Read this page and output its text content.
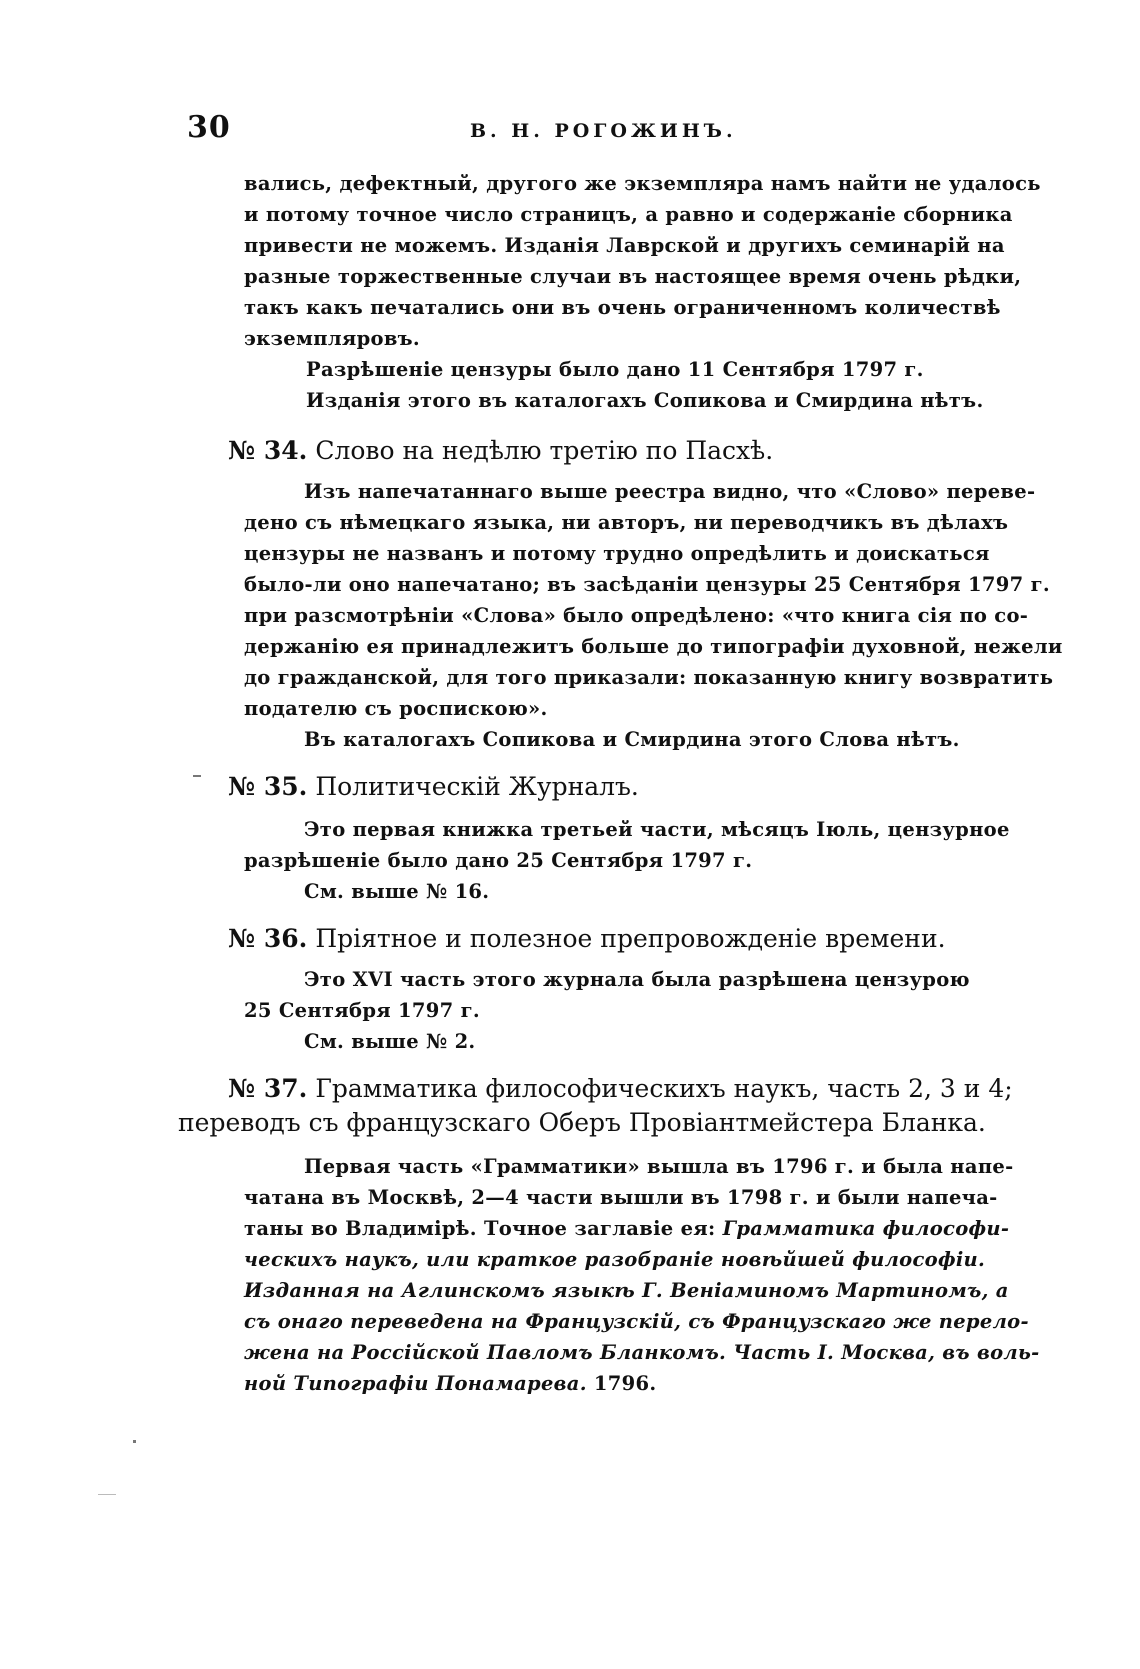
30	В. Н. РОГОЖИНЪ.
вались, дефектный, другого же экземпляра намъ найти не удалось
и потому точное число страницъ, а равно и содержаніе сборника
привести не можемъ. Изданія Лаврской и другихъ семинарій на
разные торжественные случаи въ настоящее время очень рѣдки,
такъ какъ печатались они въ очень ограниченномъ количествѣ
экземпляровъ.
Разрѣшеніе цензуры было дано 11 Сентября 1797 г.
Изданія этого въ каталогахъ Сопикова и Смирдина нѣтъ.
№ 34. Слово на недѣлю третію по Пасхѣ.
Изъ напечатаннаго выше реестра видно, что «Слово» переве-
дено съ нѣмецкаго языка, ни авторъ, ни переводчикъ въ дѣлахъ
цензуры не названъ и потому трудно опредѣлить и доискаться
было-ли оно напечатано; въ засѣданіи цензуры 25 Сентября 1797 г.
при разсмотрѣніи «Слова» было опредѣлено: «что книга сія по со-
держанію ея принадлежитъ больше до типографіи духовной, нежели
до гражданской, для того приказали: показанную книгу возвратить
подателю съ роспискою».
Въ каталогахъ Сопикова и Смирдина этого Слова нѣтъ.
№ 35. Политическій Журналъ.
Это первая книжка третьей части, мѣсяцъ Іюль, цензурное
разрѣшеніе было дано 25 Сентября 1797 г.
См. выше № 16.
№ 36. Пріятное и полезное препровожденіе времени.
Это XVI часть этого журнала была разрѣшена цензурою
25 Сентября 1797 г.
См. выше № 2.
№ 37. Грамматика философическихъ наукъ, часть 2, 3 и 4;
переводъ съ французскаго Оберъ Провіантмейстера Бланка.
Первая часть «Грамматики» вышла въ 1796 г. и была напе-
чатана въ Москвѣ, 2—4 части вышли въ 1798 г. и были напеча-
таны во Владимірѣ. Точное заглавіе ея: Грамматика философи-
ческихъ наукъ, или краткое разобраніе новѣйшей философіи.
Изданная на Аглинскомъ языкѣ Г. Веніаминомъ Мартиномъ, а
съ онаго переведена на Французскій, съ Французскаго же перело-
жена на Россійской Павломъ Бланкомъ. Часть I. Москва, въ воль-
ной Типографіи Понамарева. 1796.
